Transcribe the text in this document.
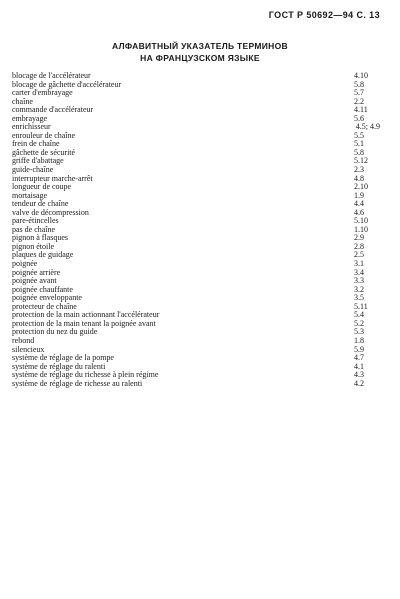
ГОСТ Р 50692—94 С. 13
АЛФАВИТНЫЙ УКАЗАТЕЛЬ ТЕРМИНОВ
НА ФРАНЦУЗСКОМ ЯЗЫКЕ
blocage de l'accélérateur	4.10
blocage de gâchette d'accélérateur	5.8
carter d'embrayage	5.7
chaîne	2.2
commande d'accélérateur	4.11
embrayage	5.6
enrichisseur	4.5; 4.9
enrouleur de chaîne	5.5
frein de chaîne	5.1
gâchette de sécurité	5.8
griffe d'abattage	5.12
guide-chaîne	2.3
interrupteur marche-arrêt	4.8
longueur de coupe	2.10
mortaisage	1.9
tendeur de chaîne	4.4
valve de décompression	4.6
pare-étincelles	5.10
pas de chaîne	1.10
pignon à flasques	2.9
pignon étoile	2.8
plaques de guidage	2.5
poignée	3.1
poignée arrière	3.4
poignée avant	3.3
poignée chauffante	3.2
poignée enveloppante	3.5
protecteur de chaîne	5.11
protection de la main actionnant l'accélérateur	5.4
protection de la main tenant la poignée avant	5.2
protection du nez du guide	5.3
rebond	1.8
silencieux	5.9
système de réglage de la pompe	4.7
système de réglage du ralenti	4.1
système de réglage du richesse à plein régime	4.3
système de réglage de richesse au ralenti	4.2
